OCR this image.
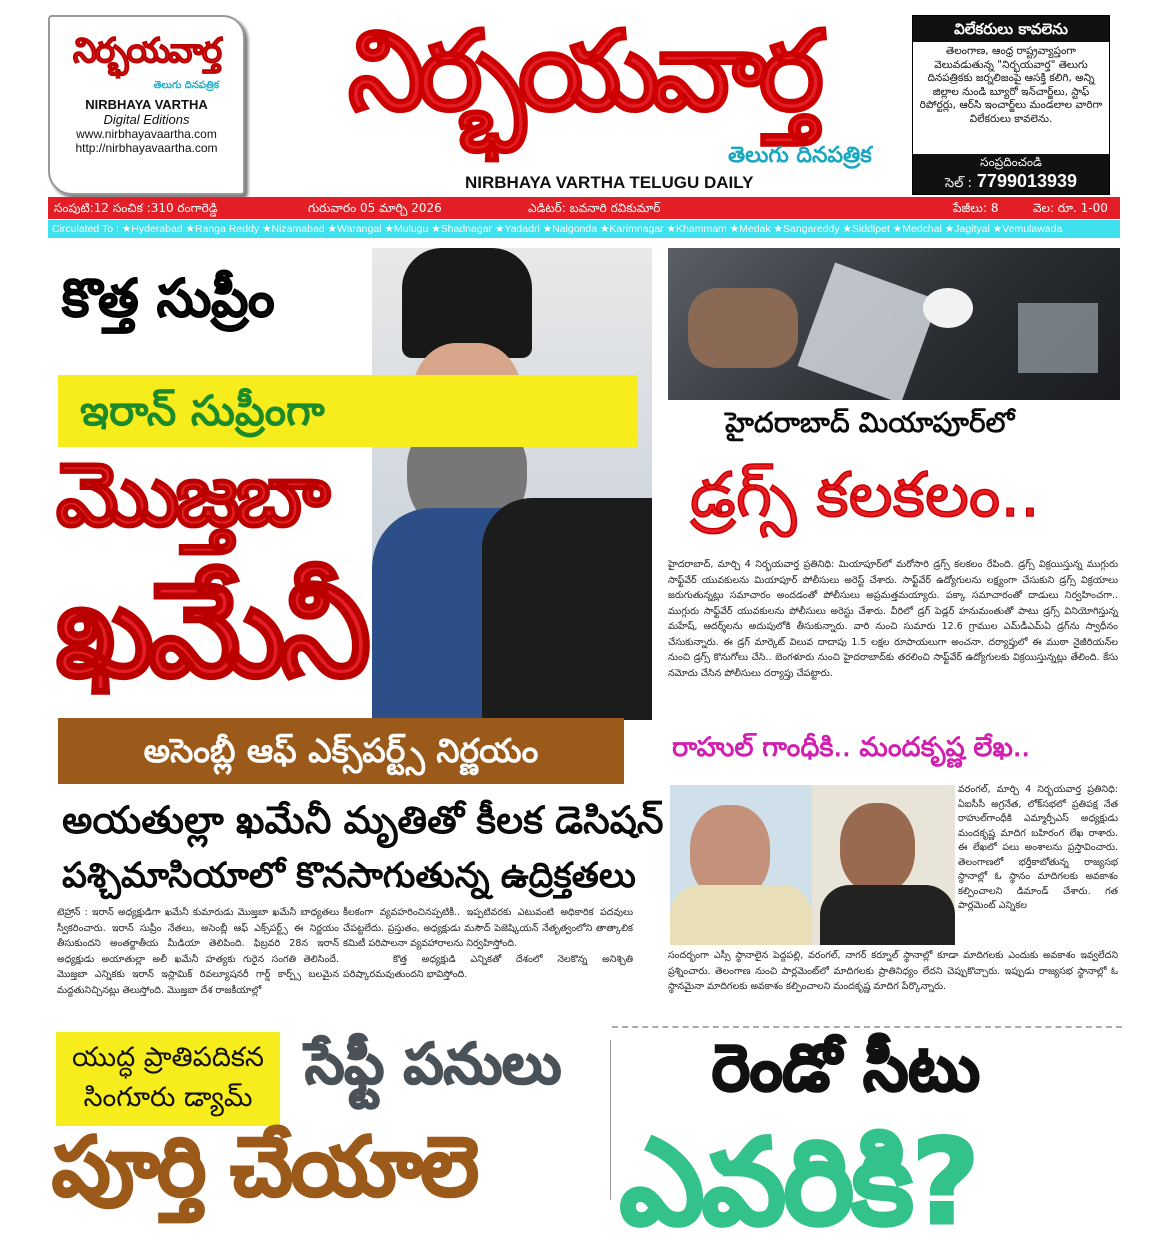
నిర్భయవార్త
తెలుగు దినపత్రిక
NIRBHAYA VARTHA
Digital Editions
www.nirbhayavaartha.com
http://nirbhayavaartha.com
నిర్భయవార్త
తెలుగు దినపత్రిక
NIRBHAYA VARTHA TELUGU DAILY
విలేకరులు కావలెను
తెలంగాణ, ఆంధ్ర రాష్ట్రవ్యాప్తంగా వెలువడుతున్న "నిర్భయవార్త" తెలుగు దినపత్రికకు జర్నలిజంపై ఆసక్తి కలిగి, అన్ని జిల్లాల నుండి బ్యూరో ఇన్‌చార్జ్‌లు, స్టాఫ్ రిపోర్టర్లు, ఆర్‌సి ఇంచార్జ్‌లు మండలాల వారిగా విలేకరులు కావలెను.
సంప్రదించండి
సెల్ : 7799013939
సంపుటి:12 సంచిక :310 రంగారెడ్డి	గురువారం 05 మార్చి 2026	ఎడిటర్: బవనారి రవికుమార్	పేజీలు: 8	వెల: రూ. 1-00
Circulated To : ★Hyderabad ★Ranga Reddy ★Nizamabad ★Warangal ★Mulugu ★Shadnagar ★Yadadri ★Nalgonda ★Karimnagar ★Khammam ★Medak ★Sangareddy ★Siddipet ★Medchal ★Jagityal ★Vemulawada
కొత్త సుప్రీం
ఇరాన్ సుప్రీంగా
మొజ్తబా
ఖమేనీ
అసెంబ్లీ ఆఫ్ ఎక్స్‌పర్ట్స్ నిర్ణయం
అయతుల్లా ఖమేనీ మృతితో కీలక డెసిషన్
పశ్చిమాసియాలో కొనసాగుతున్న ఉద్రిక్తతలు
టెహ్రాన్ : ఇరాన్ అధ్యక్షుడిగా ఖమేనీ కుమారుడు మొజ్తబా ఖమేనీ బాధ్యతలు స్వీకరించారు. ఇరాన్ సుప్రీం నేతలు, అసెంబ్లీ ఆఫ్ ఎక్స్‌పర్ట్స్ ఈ నిర్ణయం తీసుకుందని అంతర్జాతీయ మీడియా తెలిపింది. ఫిబ్రవరి 28న ఇరాన్ అధ్యక్షుడు అయాతుల్లా అలీ ఖమేనీ హత్యకు గురైన సంగతి తెలిసిందే. మొజ్తబా ఎన్నికకు ఇరాన్ ఇస్లామిక్ రివల్యూషనరీ గార్డ్ కార్ప్స్ బలమైన మద్దతునిచ్చినట్లు తెలుస్తోంది. మొజ్తబా దేశ రాజకీయాల్లో
కీలకంగా వ్యవహరించినప్పటికీ.. ఇప్పటివరకు ఎటువంటి అధికారిక పదవులు చేపట్టలేదు. ప్రస్తుతం, అధ్యక్షుడు మసౌద్ పెజెష్కియన్ నేతృత్వంలోని తాత్కాలిక కమిటీ పరిపాలనా వ్యవహారాలను నిర్వహిస్తోంది.
కొత్త అధ్యక్షుడి ఎన్నికతో దేశంలో నెలకొన్న అనిశ్చితి పరిష్కారమవుతుందని భావిస్తోంది.
హైదరాబాద్ మియాపూర్‌లో
డ్రగ్స్ కలకలం..
హైదరాబాద్, మార్చి 4 నిర్భయవార్త ప్రతినిధి: మియాపూర్‌లో మరోసారి డ్రగ్స్ కలకలం రేపింది. డ్రగ్స్ విక్రయిస్తున్న ముగ్గురు సాఫ్ట్‌వేర్ యువకులను మియాపూర్ పోలీసులు అరెస్ట్ చేశారు. సాఫ్ట్‌వేర్ ఉద్యోగులను లక్ష్యంగా చేసుకుని డ్రగ్స్ విక్రయాలు జరుగుతున్నట్లు సమాచారం అందడంతో పోలీసులు అప్రమత్తమయ్యారు. పక్కా సమాచారంతో దాడులు నిర్వహించగా.. ముగ్గురు సాఫ్ట్‌వేర్ యువకులను పోలీసులు అరెస్టు చేశారు. వీరిలో డ్రగ్ పెడ్లర్ హనుమంతుతో పాటు డ్రగ్స్ వినియోగిస్తున్న మహేష్, ఆదర్శ్‌లను అదుపులోకి తీసుకున్నారు. వారి నుంచి సుమారు 12.6 గ్రాముల ఎమ్‌డీఎమ్‌ఏ డ్రగ్‌ను స్వాధీనం చేసుకున్నారు. ఈ డ్రగ్ మార్కెట్ విలువ దాదాపు 1.5 లక్షల రూపాయలుగా అంచనా. దర్యాప్తులో ఈ ముఠా నైజీరియన్‌ల నుంచి డ్రగ్స్ కొనుగోలు చేసి.. బెంగళూరు నుంచి హైదరాబాద్‌కు తరలించి సాఫ్ట్‌వేర్ ఉద్యోగులకు విక్రయిస్తున్నట్లు తేలింది. కేసు నమోదు చేసిన పోలీసులు దర్యాప్తు చేపట్టారు.
రాహుల్ గాంధీకి.. మందకృష్ణ లేఖ..
వరంగల్, మార్చి 4 నిర్భయవార్త ప్రతినిధి: ఏఐసీసీ అగ్రనేత, లోక్‌సభలో ప్రతిపక్ష నేత రాహుల్‌గాంధీకి ఎమ్మార్పీఎస్ అధ్యక్షుడు మందకృష్ణ మాదిగ బహిరంగ లేఖ రాశారు. ఈ లేఖలో పలు అంశాలను ప్రస్తావించారు. తెలంగాణలో భర్తీకాబోతున్న రాజ్యసభ స్థానాల్లో ఓ స్థానం మాదిగలకు అవకాశం కల్పించాలని డిమాండ్ చేశారు. గత పార్లమెంట్ ఎన్నికల
సందర్భంగా ఎస్సీ స్థానాలైన పెద్దపల్లి, వరంగల్, నాగర్ కర్నూల్ స్థానాల్లో కూడా మాదిగలకు ఎందుకు అవకాశం ఇవ్వలేదని ప్రశ్నించారు. తెలంగాణ నుంచి పార్లమెంట్‌లో మాదిగలకు ప్రాతినిధ్యం లేదని చెప్పుకొచ్చారు. ఇప్పుడు రాజ్యసభ స్థానాల్లో ఓ స్థానమైనా మాదిగలకు అవకాశం కల్పించాలని మందకృష్ణ మాదిగ పేర్కొన్నారు.
యుద్ధ ప్రాతిపదికన సింగూరు డ్యామ్
సేఫ్టీ పనులు
పూర్తి చేయాలె
రెండో సీటు
ఎవరికి?
